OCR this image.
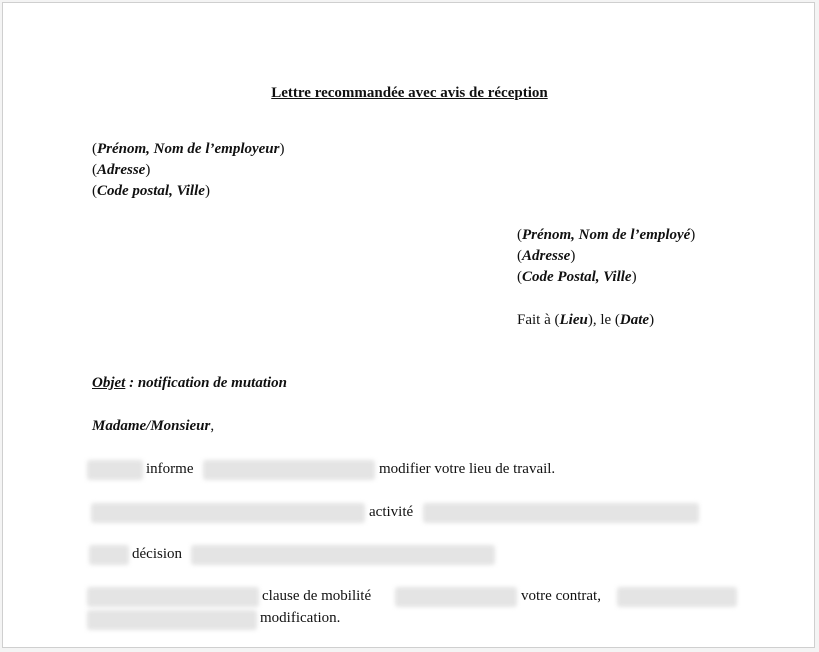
Lettre recommandée avec avis de réception
(Prénom, Nom de l’employeur)
(Adresse)
(Code postal, Ville)
(Prénom, Nom de l’employé)
(Adresse)
(Code Postal, Ville)
Fait à (Lieu), le (Date)
Objet : notification de mutation
Madame/Monsieur,
informe	modifier votre lieu de travail.
activité
décision
clause de mobilité	votre contrat,
modification.
